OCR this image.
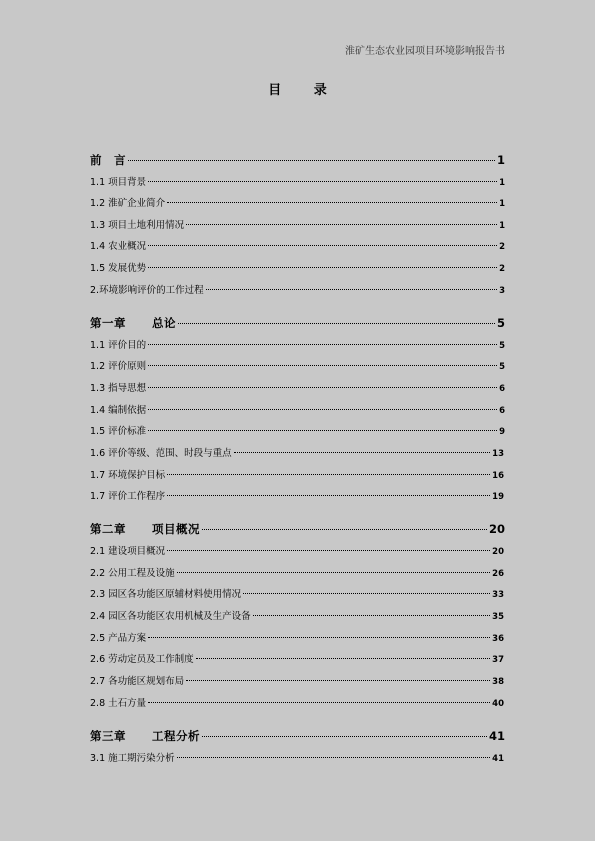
淮矿生态农业园项目环境影响报告书
目 录
前　言	1
1.1 项目背景	1
1.2 淮矿企业简介	1
1.3 项目土地利用情况	1
1.4 农业概况	2
1.5 发展优势	2
2.环境影响评价的工作过程	3
第一章 总论	5
1.1 评价目的	5
1.2 评价原则	5
1.3 指导思想	6
1.4 编制依据	6
1.5 评价标准	9
1.6 评价等级、范围、时段与重点	13
1.7 环境保护目标	16
1.7 评价工作程序	19
第二章 项目概况	20
2.1 建设项目概况	20
2.2 公用工程及设施	26
2.3 园区各功能区原辅材料使用情况	33
2.4 园区各功能区农用机械及生产设备	35
2.5 产品方案	36
2.6 劳动定员及工作制度	37
2.7 各功能区规划布局	38
2.8 土石方量	40
第三章 工程分析	41
3.1 施工期污染分析	41
